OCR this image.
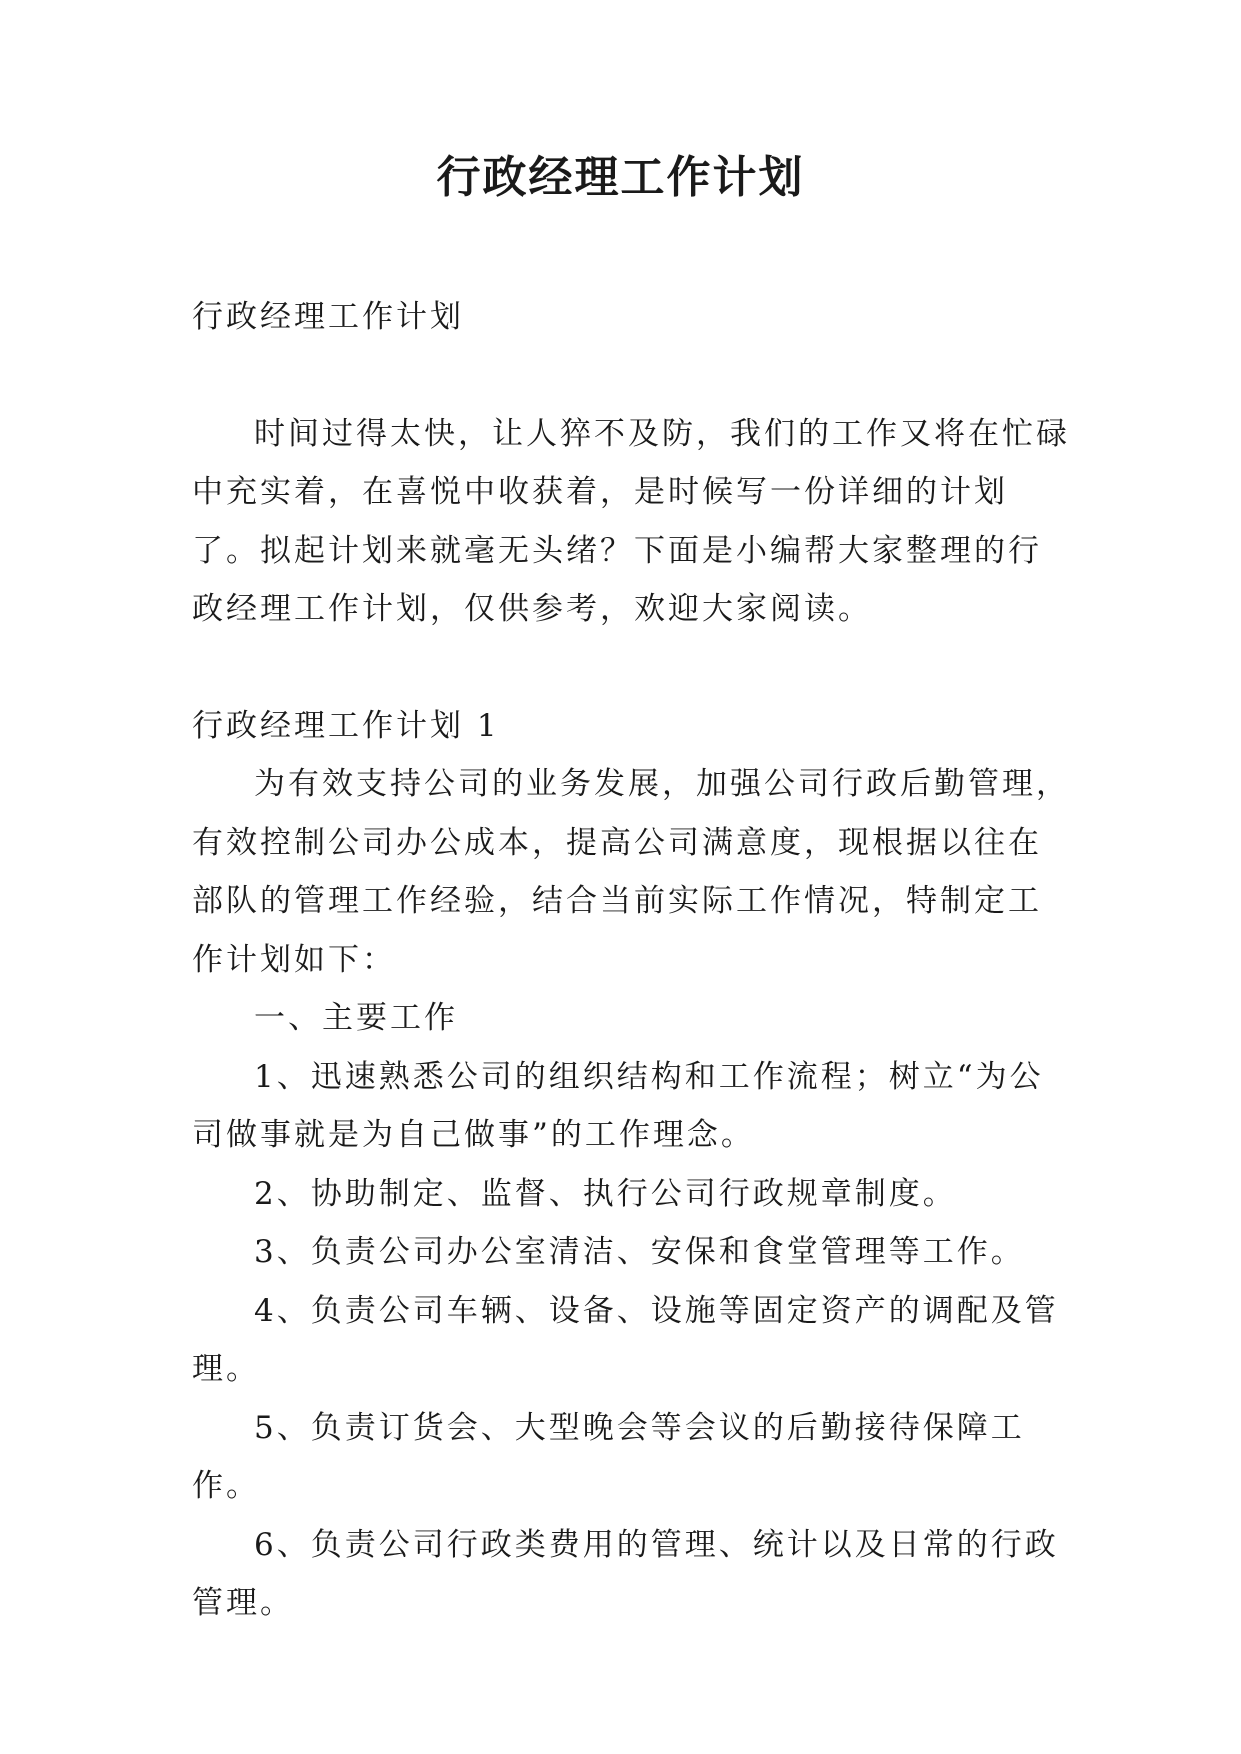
行政经理工作计划

行政经理工作计划

时间过得太快，让人猝不及防，我们的工作又将在忙碌中充实着，在喜悦中收获着，是时候写一份详细的计划了。拟起计划来就毫无头绪？下面是小编帮大家整理的行政经理工作计划，仅供参考，欢迎大家阅读。

行政经理工作计划 1

为有效支持公司的业务发展，加强公司行政后勤管理，有效控制公司办公成本，提高公司满意度，现根据以往在部队的管理工作经验，结合当前实际工作情况，特制定工作计划如下：

一、主要工作

1、迅速熟悉公司的组织结构和工作流程；树立“为公司做事就是为自己做事”的工作理念。

2、协助制定、监督、执行公司行政规章制度。

3、负责公司办公室清洁、安保和食堂管理等工作。

4、负责公司车辆、设备、设施等固定资产的调配及管理。

5、负责订货会、大型晚会等会议的后勤接待保障工作。

6、负责公司行政类费用的管理、统计以及日常的行政管理。
